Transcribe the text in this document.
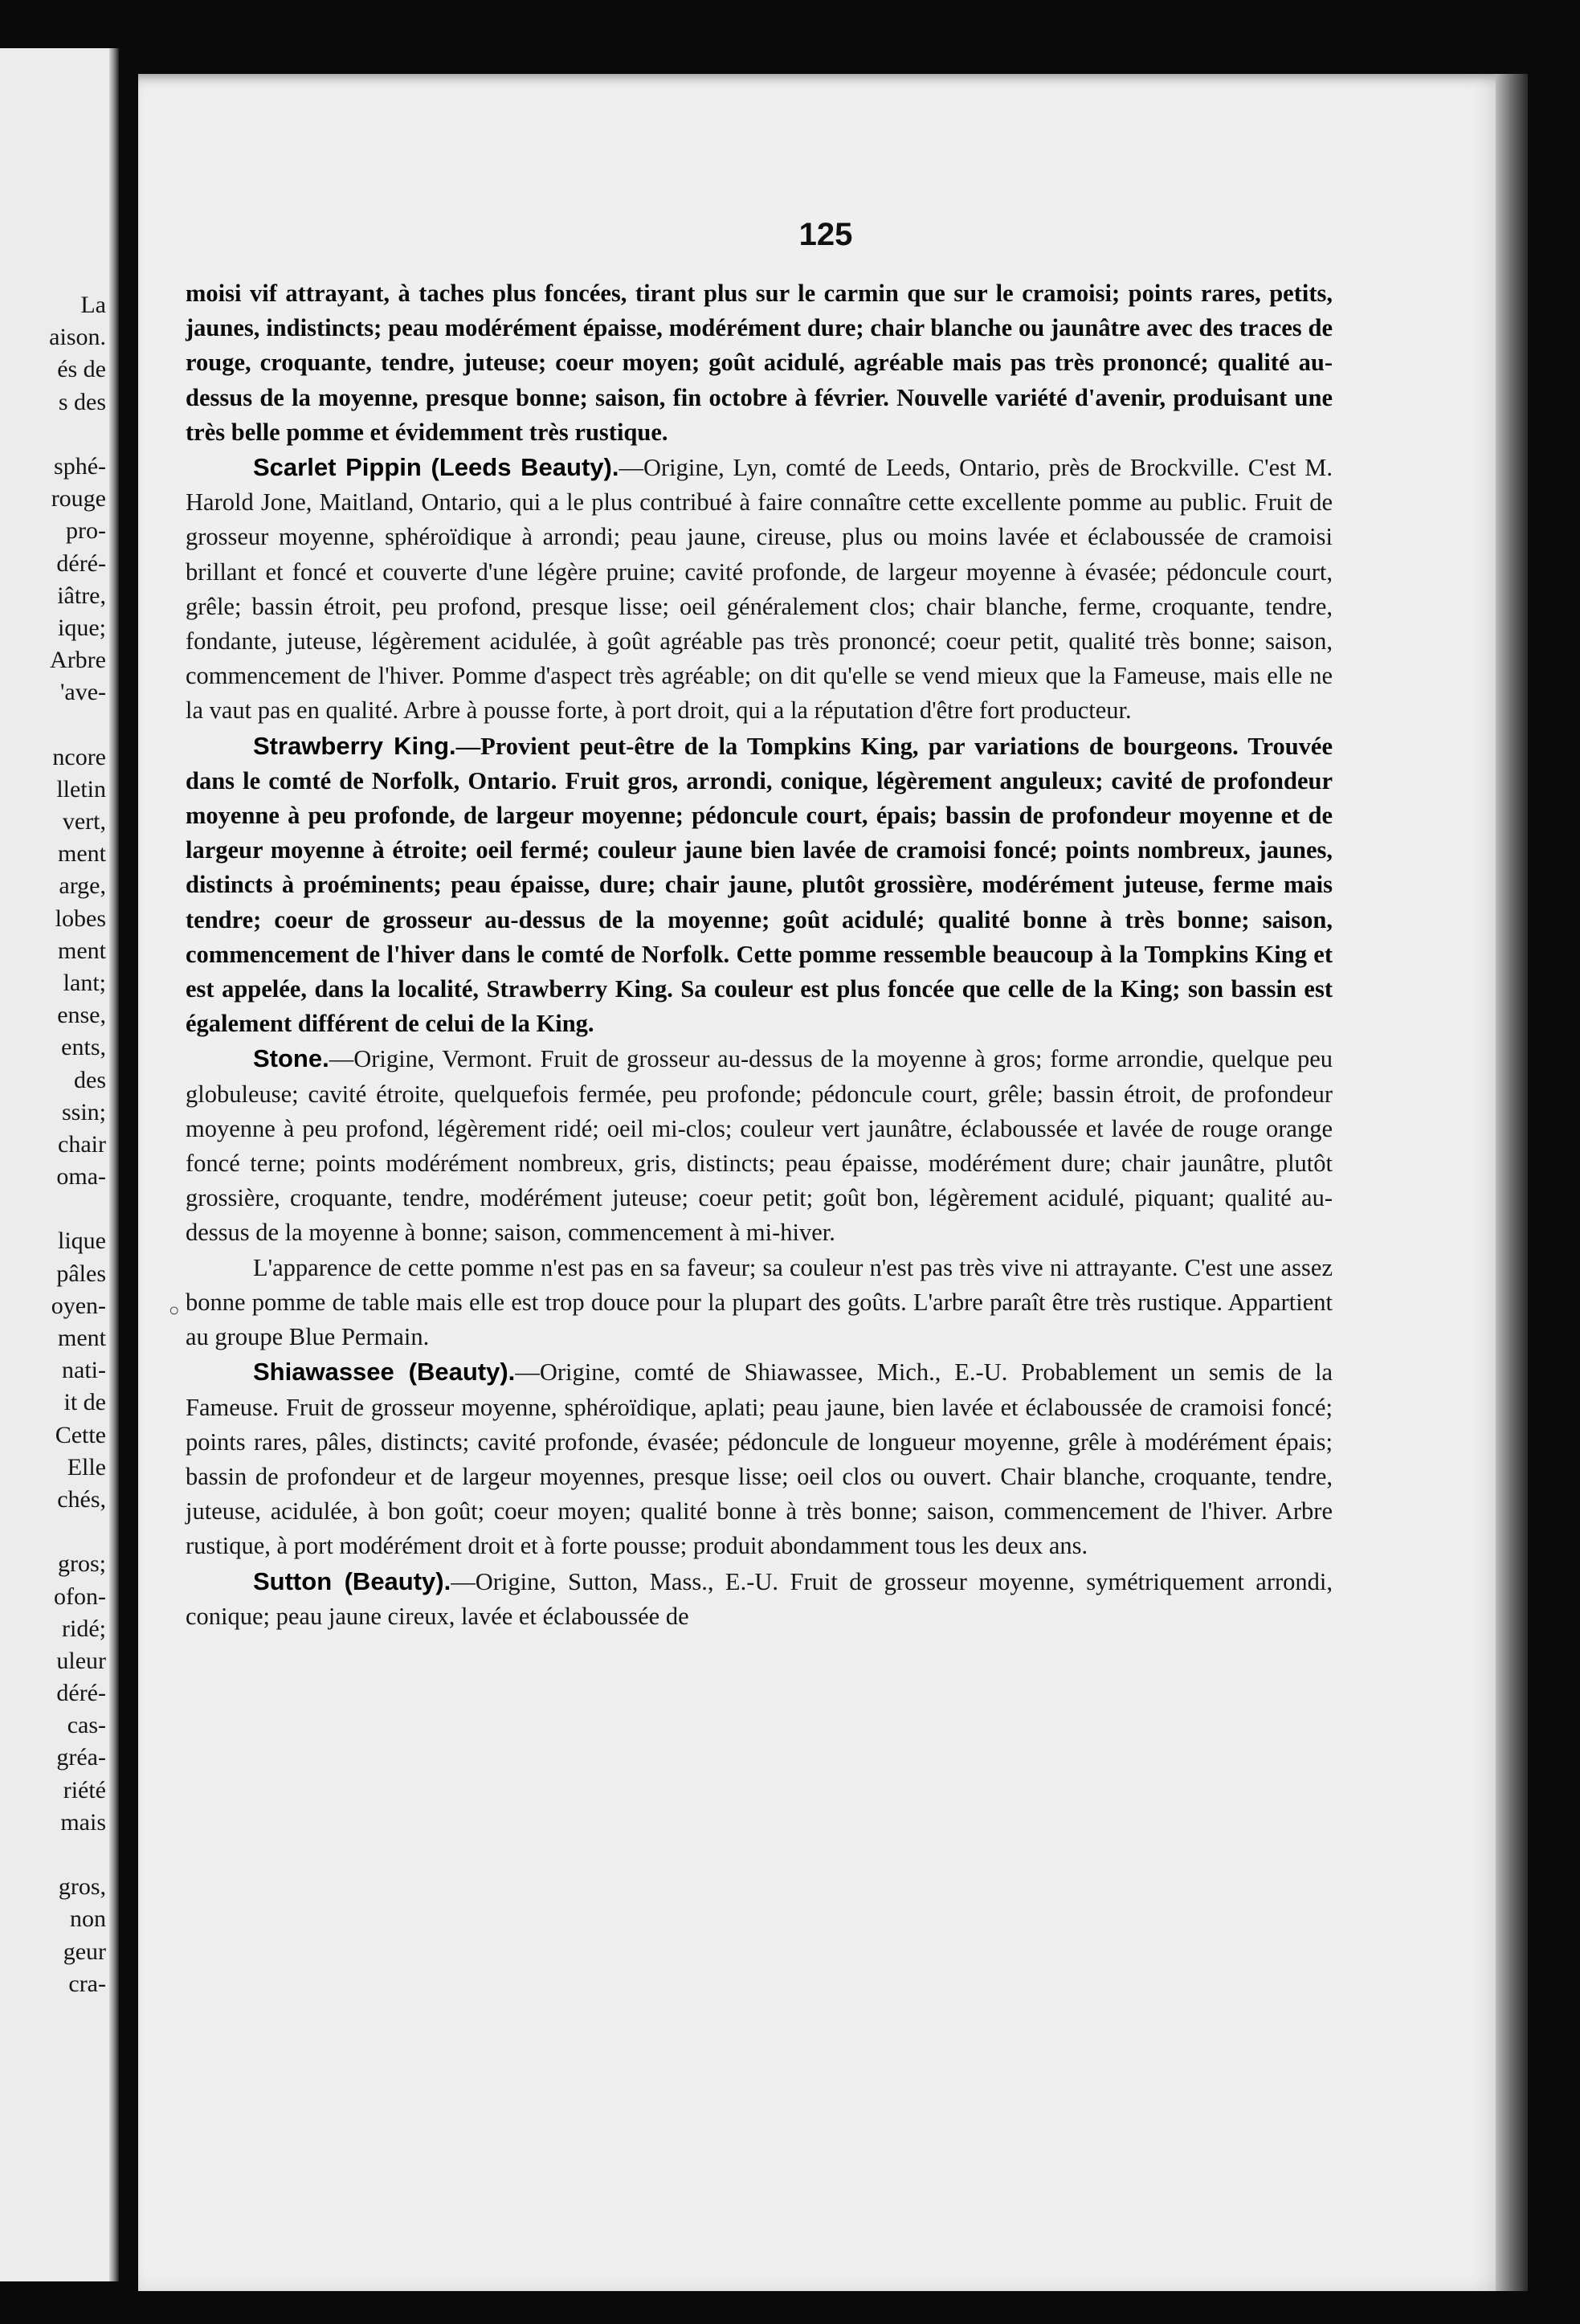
La
aison.
és de
s des
sphé-
rouge
pro-
déré-
iâtre,
ique;
Arbre
'ave-
ncore
lletin
vert,
ment
arge,
lobes
ment
lant;
ense,
ents,
des
ssin;
chair
oma-
lique
pâles
oyen-
ment
nati-
it de
Cette
Elle
chés,
gros;
ofon-
ridé;
uleur
déré-
cas-
gréa-
riété
mais
gros,
non
geur
cra-
125
○

moisi vif attrayant, à taches plus foncées, tirant plus sur le carmin que sur le cramoisi; points rares, petits, jaunes, indistincts; peau modérément épaisse, modérément dure; chair blanche ou jaunâtre avec des traces de rouge, croquante, tendre, juteuse; coeur moyen; goût acidulé, agréable mais pas très prononcé; qualité au-dessus de la moyenne, presque bonne; saison, fin octobre à février. Nouvelle variété d'avenir, produisant une très belle pomme et évidemment très rustique.

Scarlet Pippin (Leeds Beauty).—Origine, Lyn, comté de Leeds, Ontario, près de Brockville. C'est M. Harold Jone, Maitland, Ontario, qui a le plus contribué à faire connaître cette excellente pomme au public. Fruit de grosseur moyenne, sphéroïdique à arrondi; peau jaune, cireuse, plus ou moins lavée et éclaboussée de cramoisi brillant et foncé et couverte d'une légère pruine; cavité profonde, de largeur moyenne à évasée; pédoncule court, grêle; bassin étroit, peu profond, presque lisse; oeil généralement clos; chair blanche, ferme, croquante, tendre, fondante, juteuse, légèrement acidulée, à goût agréable pas très prononcé; coeur petit, qualité très bonne; saison, commencement de l'hiver. Pomme d'aspect très agréable; on dit qu'elle se vend mieux que la Fameuse, mais elle ne la vaut pas en qualité. Arbre à pousse forte, à port droit, qui a la réputation d'être fort producteur.

Strawberry King.—Provient peut-être de la Tompkins King, par variations de bourgeons. Trouvée dans le comté de Norfolk, Ontario. Fruit gros, arrondi, conique, légèrement anguleux; cavité de profondeur moyenne à peu profonde, de largeur moyenne; pédoncule court, épais; bassin de profondeur moyenne et de largeur moyenne à étroite; oeil fermé; couleur jaune bien lavée de cramoisi foncé; points nombreux, jaunes, distincts à proéminents; peau épaisse, dure; chair jaune, plutôt grossière, modérément juteuse, ferme mais tendre; coeur de grosseur au-dessus de la moyenne; goût acidulé; qualité bonne à très bonne; saison, commencement de l'hiver dans le comté de Norfolk. Cette pomme ressemble beaucoup à la Tompkins King et est appelée, dans la localité, Strawberry King. Sa couleur est plus foncée que celle de la King; son bassin est également différent de celui de la King.

Stone.—Origine, Vermont. Fruit de grosseur au-dessus de la moyenne à gros; forme arrondie, quelque peu globuleuse; cavité étroite, quelquefois fermée, peu profonde; pédoncule court, grêle; bassin étroit, de profondeur moyenne à peu profond, légèrement ridé; oeil mi-clos; couleur vert jaunâtre, éclaboussée et lavée de rouge orange foncé terne; points modérément nombreux, gris, distincts; peau épaisse, modérément dure; chair jaunâtre, plutôt grossière, croquante, tendre, modérément juteuse; coeur petit; goût bon, légèrement acidulé, piquant; qualité au-dessus de la moyenne à bonne; saison, commencement à mi-hiver.

L'apparence de cette pomme n'est pas en sa faveur; sa couleur n'est pas très vive ni attrayante. C'est une assez bonne pomme de table mais elle est trop douce pour la plupart des goûts. L'arbre paraît être très rustique. Appartient au groupe Blue Permain.

Shiawassee (Beauty).—Origine, comté de Shiawassee, Mich., E.-U. Probablement un semis de la Fameuse. Fruit de grosseur moyenne, sphéroïdique, aplati; peau jaune, bien lavée et éclaboussée de cramoisi foncé; points rares, pâles, distincts; cavité profonde, évasée; pédoncule de longueur moyenne, grêle à modérément épais; bassin de profondeur et de largeur moyennes, presque lisse; oeil clos ou ouvert. Chair blanche, croquante, tendre, juteuse, acidulée, à bon goût; coeur moyen; qualité bonne à très bonne; saison, commencement de l'hiver. Arbre rustique, à port modérément droit et à forte pousse; produit abondamment tous les deux ans.

Sutton (Beauty).—Origine, Sutton, Mass., E.-U. Fruit de grosseur moyenne, symétriquement arrondi, conique; peau jaune cireux, lavée et éclaboussée de
